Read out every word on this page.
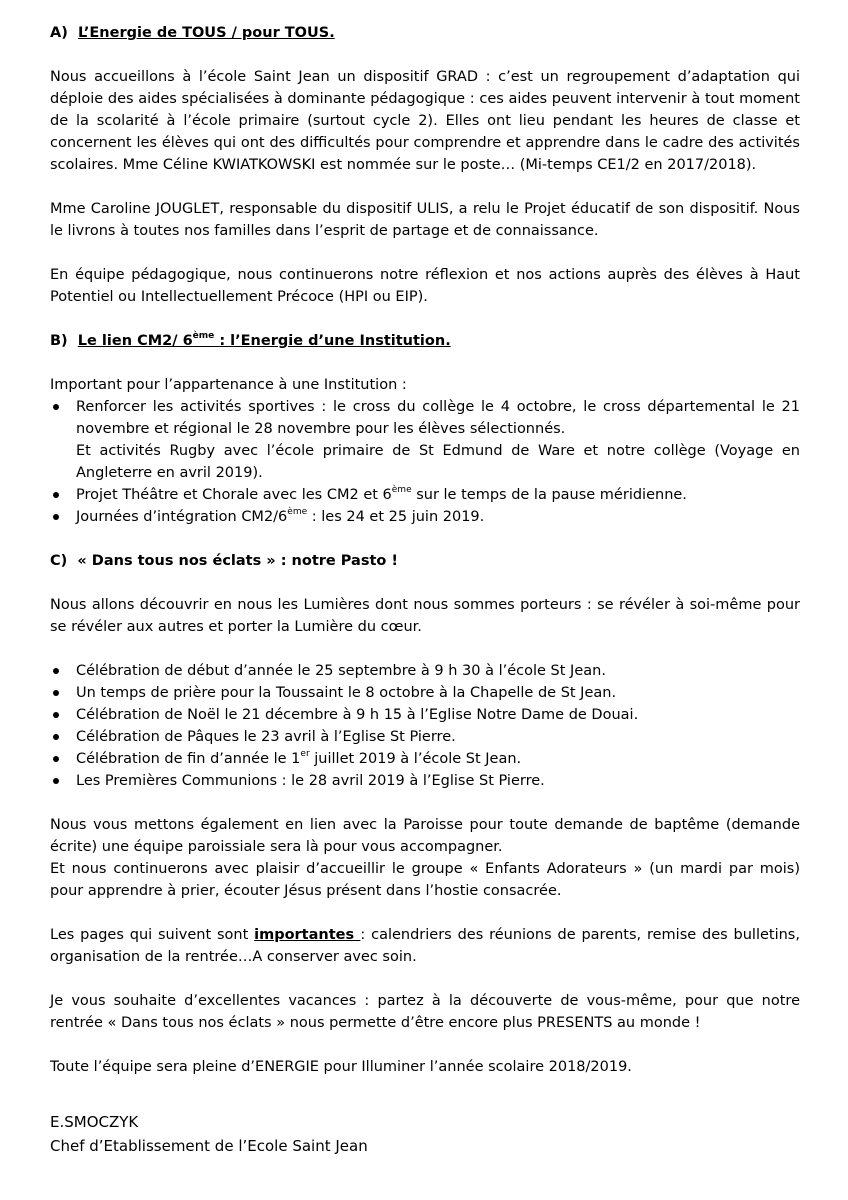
A) L’Energie de TOUS / pour TOUS.

Nous accueillons à l’école Saint Jean un dispositif GRAD : c’est un regroupement d’adaptation qui déploie des aides spécialisées à dominante pédagogique : ces aides peuvent intervenir à tout moment de la scolarité à l’école primaire (surtout cycle 2). Elles ont lieu pendant les heures de classe et concernent les élèves qui ont des difficultés pour comprendre et apprendre dans le cadre des activités scolaires. Mme Céline KWIATKOWSKI est nommée sur le poste… (Mi-temps CE1/2 en 2017/2018).

Mme Caroline JOUGLET, responsable du dispositif ULIS, a relu le Projet éducatif de son dispositif. Nous le livrons à toutes nos familles dans l’esprit de partage et de connaissance.

En équipe pédagogique, nous continuerons notre réflexion et nos actions auprès des élèves à Haut Potentiel ou Intellectuellement Précoce (HPI ou EIP).

B) Le lien CM2/ 6ème : l’Energie d’une Institution.

Important pour l’appartenance à une Institution :

Renforcer les activités sportives : le cross du collège le 4 octobre, le cross départemental le 21 novembre et régional le 28 novembre pour les élèves sélectionnés.
Et activités Rugby avec l’école primaire de St Edmund de Ware et notre collège (Voyage en Angleterre en avril 2019).
Projet Théâtre et Chorale avec les CM2 et 6ème sur le temps de la pause méridienne.
Journées d’intégration CM2/6ème : les 24 et 25 juin 2019.

C) « Dans tous nos éclats » : notre Pasto !

Nous allons découvrir en nous les Lumières dont nous sommes porteurs : se révéler à soi-même pour se révéler aux autres et porter la Lumière du cœur.

Célébration de début d’année le 25 septembre à 9 h 30 à l’école St Jean.
Un temps de prière pour la Toussaint le 8 octobre à la Chapelle de St Jean.
Célébration de Noël le 21 décembre à 9 h 15 à l’Eglise Notre Dame de Douai.
Célébration de Pâques le 23 avril à l’Eglise St Pierre.
Célébration de fin d’année le 1er juillet 2019 à l’école St Jean.
Les Premières Communions : le 28 avril 2019 à l’Eglise St Pierre.

Nous vous mettons également en lien avec la Paroisse pour toute demande de baptême (demande écrite) une équipe paroissiale sera là pour vous accompagner.

Et nous continuerons avec plaisir d’accueillir le groupe « Enfants Adorateurs » (un mardi par mois) pour apprendre à prier, écouter Jésus présent dans l’hostie consacrée.

Les pages qui suivent sont importantes : calendriers des réunions de parents, remise des bulletins, organisation de la rentrée…A conserver avec soin.

Je vous souhaite d’excellentes vacances : partez à la découverte de vous-même, pour que notre rentrée « Dans tous nos éclats » nous permette d’être encore plus PRESENTS au monde !

Toute l’équipe sera pleine d’ENERGIE pour Illuminer l’année scolaire 2018/2019.

E.SMOCZYK

Chef d’Etablissement de l’Ecole Saint Jean
